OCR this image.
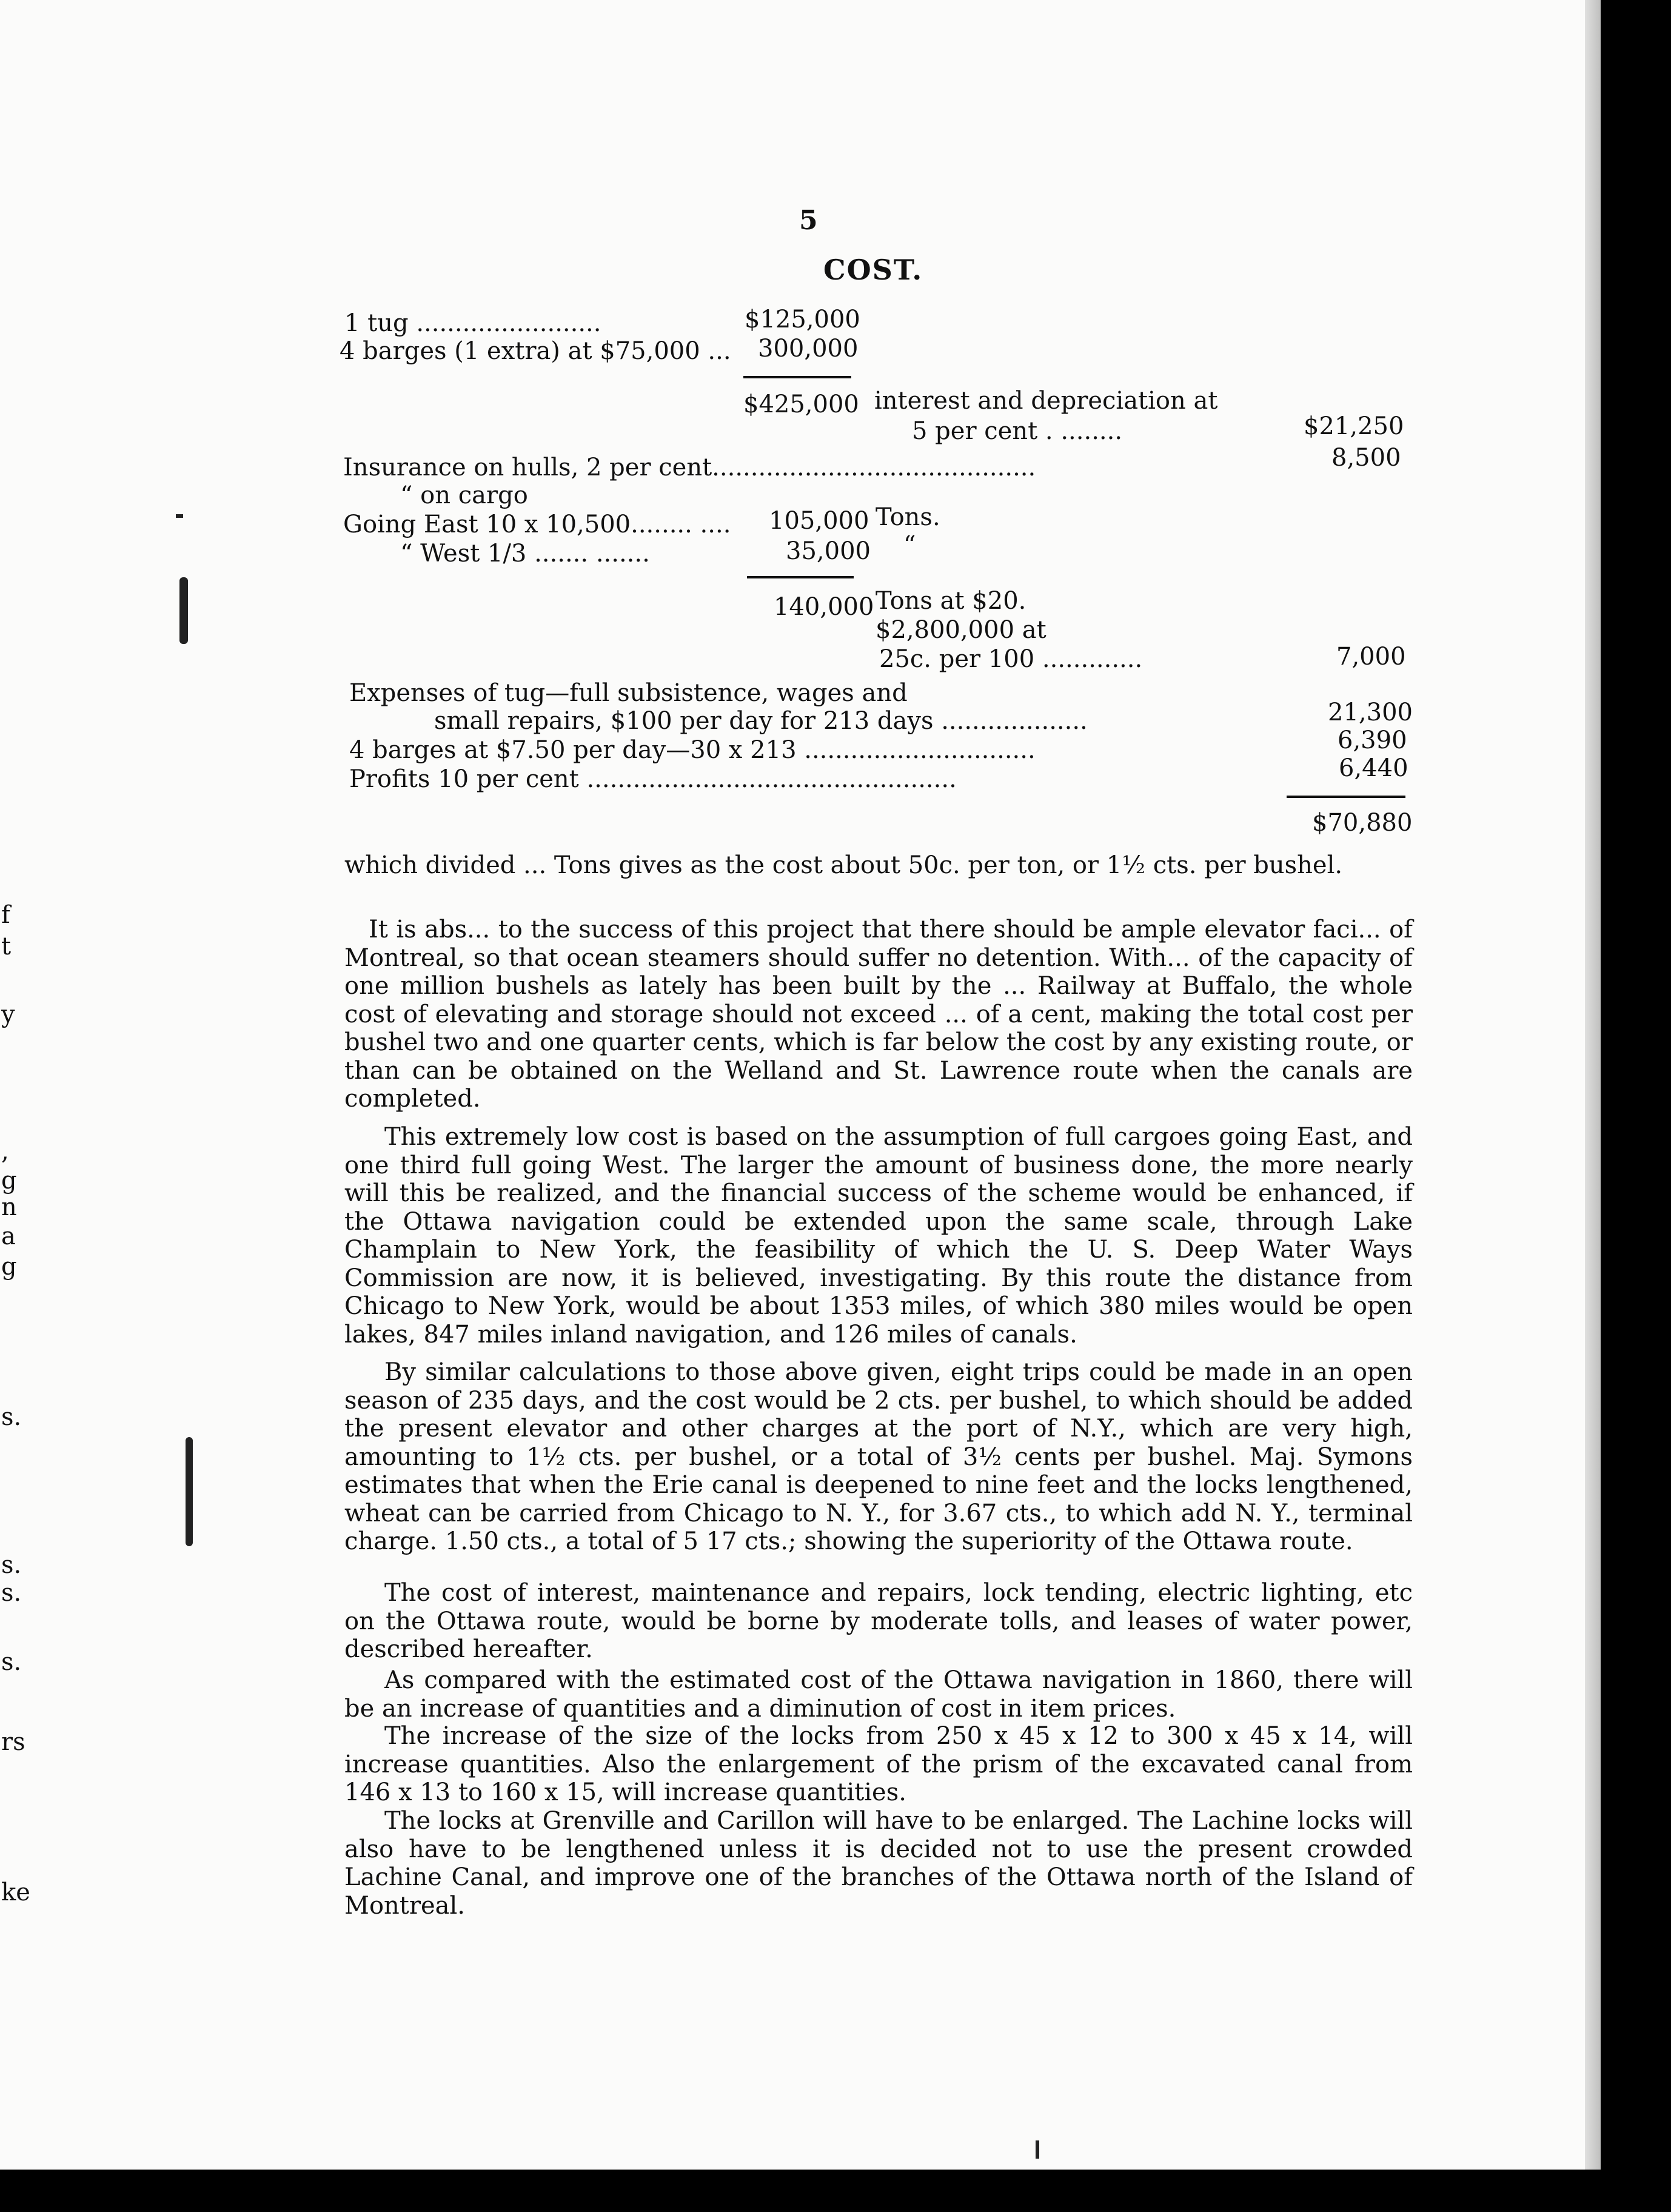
5
COST.
1 tug ........................	$125,000
4 barges (1 extra) at $75,000 ... 300,000
$425,000 interest and depreciation at
5 per cent . ........	$21,250
Insurance on hulls, 2 per cent..........................................	8,500
“ on cargo
Going East 10 x 10,500........ .... 105,000 Tons.
“ West 1/3 ....... .......	35,000 “
140,000 Tons at $20.
$2,800,000 at
25c. per 100 .............	7,000
Expenses of tug—full subsistence, wages and
small repairs, $100 per day for 213 days ...................	21,300
4 barges at $7.50 per day—30 x 213 ..............................	6,390
Profits 10 per cent ................................................	6,440
$70,880
which divided ... Tons gives as the cost about 50c. per ton, or 1½ cts. per bushel.
It is abs... to the success of this project that there should be ample elevator faci... of Montreal, so that ocean steamers should suffer no detention. With... of the capacity of one million bushels as lately has been built by the ... Railway at Buffalo, the whole cost of elevating and storage should not exceed ... of a cent, making the total cost per bushel two and one quarter cents, which is far below the cost by any existing route, or than can be obtained on the Welland and St. Lawrence route when the canals are completed.
This extremely low cost is based on the assumption of full cargoes going East, and one third full going West. The larger the amount of business done, the more nearly will this be realized, and the financial success of the scheme would be enhanced, if the Ottawa navigation could be extended upon the same scale, through Lake Champlain to New York, the feasibility of which the U. S. Deep Water Ways Commission are now, it is believed, investigating. By this route the distance from Chicago to New York, would be about 1353 miles, of which 380 miles would be open lakes, 847 miles inland navigation, and 126 miles of canals.
By similar calculations to those above given, eight trips could be made in an open season of 235 days, and the cost would be 2 cts. per bushel, to which should be added the present elevator and other charges at the port of N.Y., which are very high, amounting to 1½ cts. per bushel, or a total of 3½ cents per bushel. Maj. Symons estimates that when the Erie canal is deepened to nine feet and the locks lengthened, wheat can be carried from Chicago to N. Y., for 3.67 cts., to which add N. Y., terminal charge. 1.50 cts., a total of 5 17 cts.; showing the superiority of the Ottawa route.
The cost of interest, maintenance and repairs, lock tending, electric lighting, etc on the Ottawa route, would be borne by moderate tolls, and leases of water power, described hereafter.
As compared with the estimated cost of the Ottawa navigation in 1860, there will be an increase of quantities and a diminution of cost in item prices.
The increase of the size of the locks from 250 x 45 x 12 to 300 x 45 x 14, will increase quantities. Also the enlargement of the prism of the excavated canal from 146 x 13 to 160 x 15, will increase quantities.
The locks at Grenville and Carillon will have to be enlarged. The Lachine locks will also have to be lengthened unless it is decided not to use the present crowded Lachine Canal, and improve one of the branches of the Ottawa north of the Island of Montreal.
f
t
y
,
g
n
a
g
s.
s.
s.
s.
rs
ke
